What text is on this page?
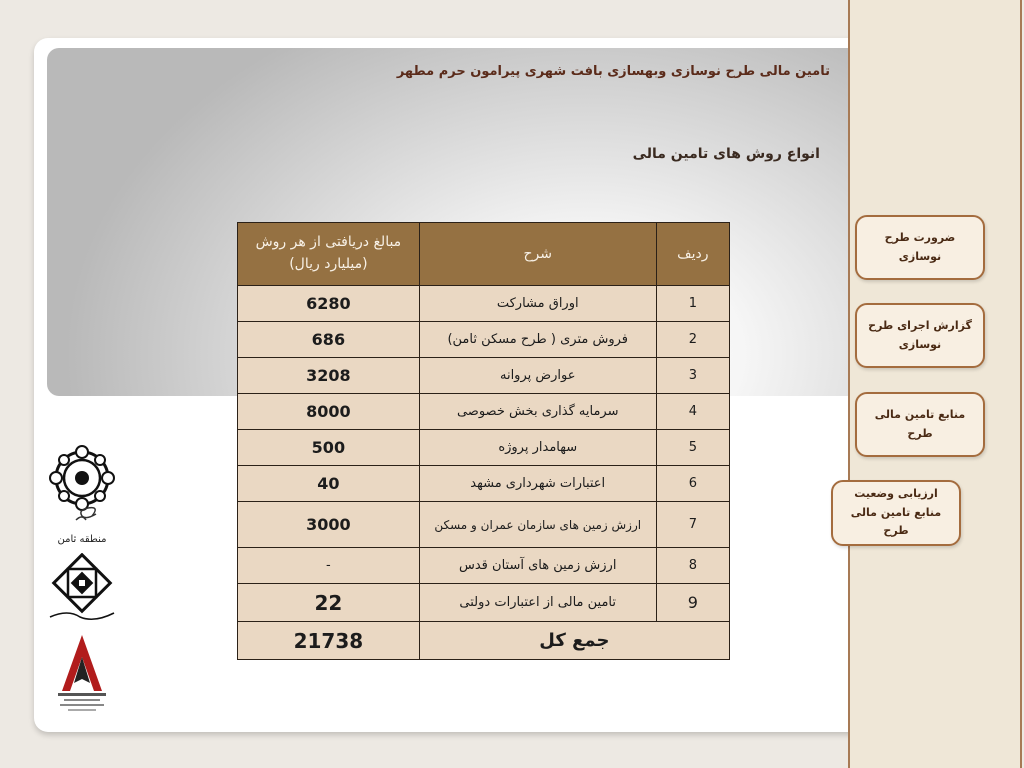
تامین مالی طرح نوسازی وبهسازی بافت شهری پیرامون حرم مطهر
انواع روش های تامین مالی
ردیف	شرح	مبالغ دریافتی از هر روش (میلیارد ریال)
1	اوراق مشارکت	6280
2	فروش متری ( طرح مسکن ثامن)	686
3	عوارض پروانه	3208
4	سرمایه گذاری بخش خصوصی	8000
5	سهامدار پروژه	500
6	اعتبارات شهرداری مشهد	40
7	ارزش زمین های سازمان عمران و مسکن	3000
8	ارزش زمین های آستان قدس	-
9	تامین مالی از اعتبارات دولتی	22
جمع کل		21738
ضرورت طرح نوسازی
گزارش اجرای طرح نوسازی
منابع تامین مالی طرح
ارزیابی وضعیت منابع تامین مالی طرح
منطقه ثامن
